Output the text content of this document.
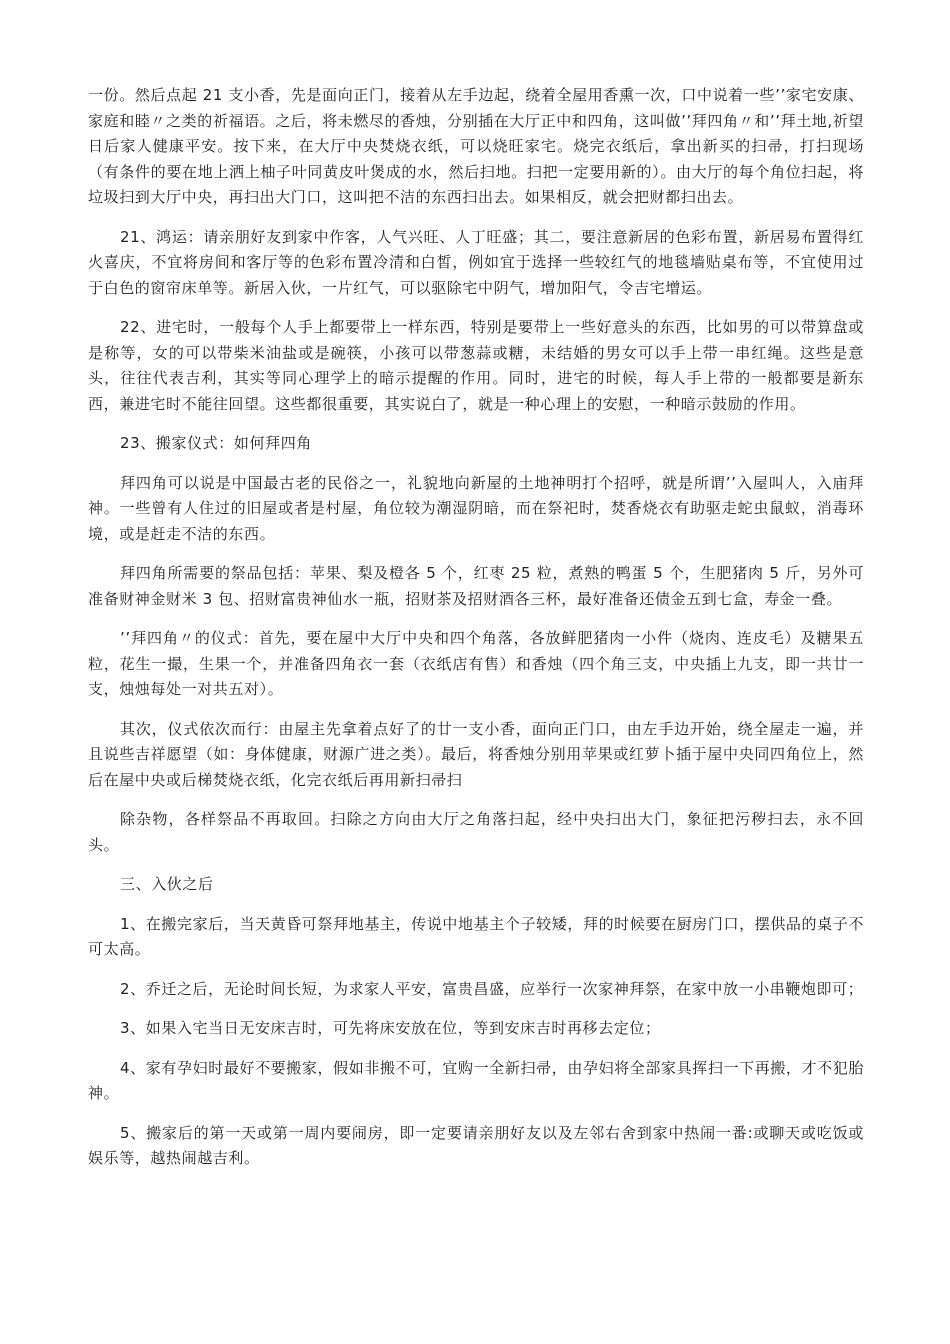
一份。然后点起 21 支小香，先是面向正门，接着从左手边起，绕着全屋用香熏一次，口中说着一些’’家宅安康、家庭和睦〃之类的祈福语。之后，将未燃尽的香烛，分别插在大厅正中和四角，这叫做’’拜四角〃和’’拜土地,祈望日后家人健康平安。按下来，在大厅中央焚烧衣纸，可以烧旺家宅。烧完衣纸后，拿出新买的扫帚，打扫现场（有条件的要在地上洒上柚子叶同黄皮叶煲成的水，然后扫地。扫把一定要用新的）。由大厅的每个角位扫起，将垃圾扫到大厅中央，再扫出大门口，这叫把不洁的东西扫出去。如果相反，就会把财都扫出去。

21、鸿运：请亲朋好友到家中作客，人气兴旺、人丁旺盛；其二，要注意新居的色彩布置，新居易布置得红火喜庆，不宜将房间和客厅等的色彩布置冷清和白皙，例如宜于选择一些较红气的地毯墙贴桌布等，不宜使用过于白色的窗帘床单等。新居入伙，一片红气，可以驱除宅中阴气，增加阳气，令吉宅增运。

22、进宅时，一般每个人手上都要带上一样东西，特别是要带上一些好意头的东西，比如男的可以带算盘或是称等，女的可以带柴米油盐或是碗筷，小孩可以带葱蒜或糖，未结婚的男女可以手上带一串红绳。这些是意头，往往代表吉利，其实等同心理学上的暗示提醒的作用。同时，进宅的时候，每人手上带的一般都要是新东西，兼进宅时不能往回望。这些都很重要，其实说白了，就是一种心理上的安慰，一种暗示鼓励的作用。

23、搬家仪式：如何拜四角

拜四角可以说是中国最古老的民俗之一，礼貌地向新屋的土地神明打个招呼，就是所谓’’入屋叫人，入庙拜神。一些曾有人住过的旧屋或者是村屋，角位较为潮湿阴暗，而在祭祀时，焚香烧衣有助驱走蛇虫鼠蚁，消毒环境，或是赶走不洁的东西。

拜四角所需要的祭品包括：苹果、梨及橙各 5 个，红枣 25 粒，煮熟的鸭蛋 5 个，生肥猪肉 5 斤，另外可准备财神金财米 3 包、招财富贵神仙水一瓶，招财茶及招财酒各三杯，最好准备还债金五到七盒，寿金一叠。

’’拜四角〃的仪式：首先，要在屋中大厅中央和四个角落，各放鲜肥猪肉一小件（烧肉、连皮毛）及糖果五粒，花生一撮，生果一个，并准备四角衣一套（衣纸店有售）和香烛（四个角三支，中央插上九支，即一共廿一支，烛烛每处一对共五对）。

其次，仪式依次而行：由屋主先拿着点好了的廿一支小香，面向正门口，由左手边开始，绕全屋走一遍，并且说些吉祥愿望（如：身体健康，财源广进之类）。最后，将香烛分别用苹果或红萝卜插于屋中央同四角位上，然后在屋中央或后梯焚烧衣纸，化完衣纸后再用新扫帚扫

除杂物，各样祭品不再取回。扫除之方向由大厅之角落扫起，经中央扫出大门，象征把污秽扫去，永不回头。

三、入伙之后

1、在搬完家后，当天黄昏可祭拜地基主，传说中地基主个子较矮，拜的时候要在厨房门口，摆供品的桌子不可太高。

2、乔迁之后，无论时间长短，为求家人平安，富贵昌盛，应举行一次家神拜祭，在家中放一小串鞭炮即可；

3、如果入宅当日无安床吉时，可先将床安放在位，等到安床吉时再移去定位；

4、家有孕妇时最好不要搬家，假如非搬不可，宜购一全新扫帚，由孕妇将全部家具挥扫一下再搬，才不犯胎神。

5、搬家后的第一天或第一周内要闹房，即一定要请亲朋好友以及左邻右舍到家中热闹一番:或聊天或吃饭或娱乐等，越热闹越吉利。
